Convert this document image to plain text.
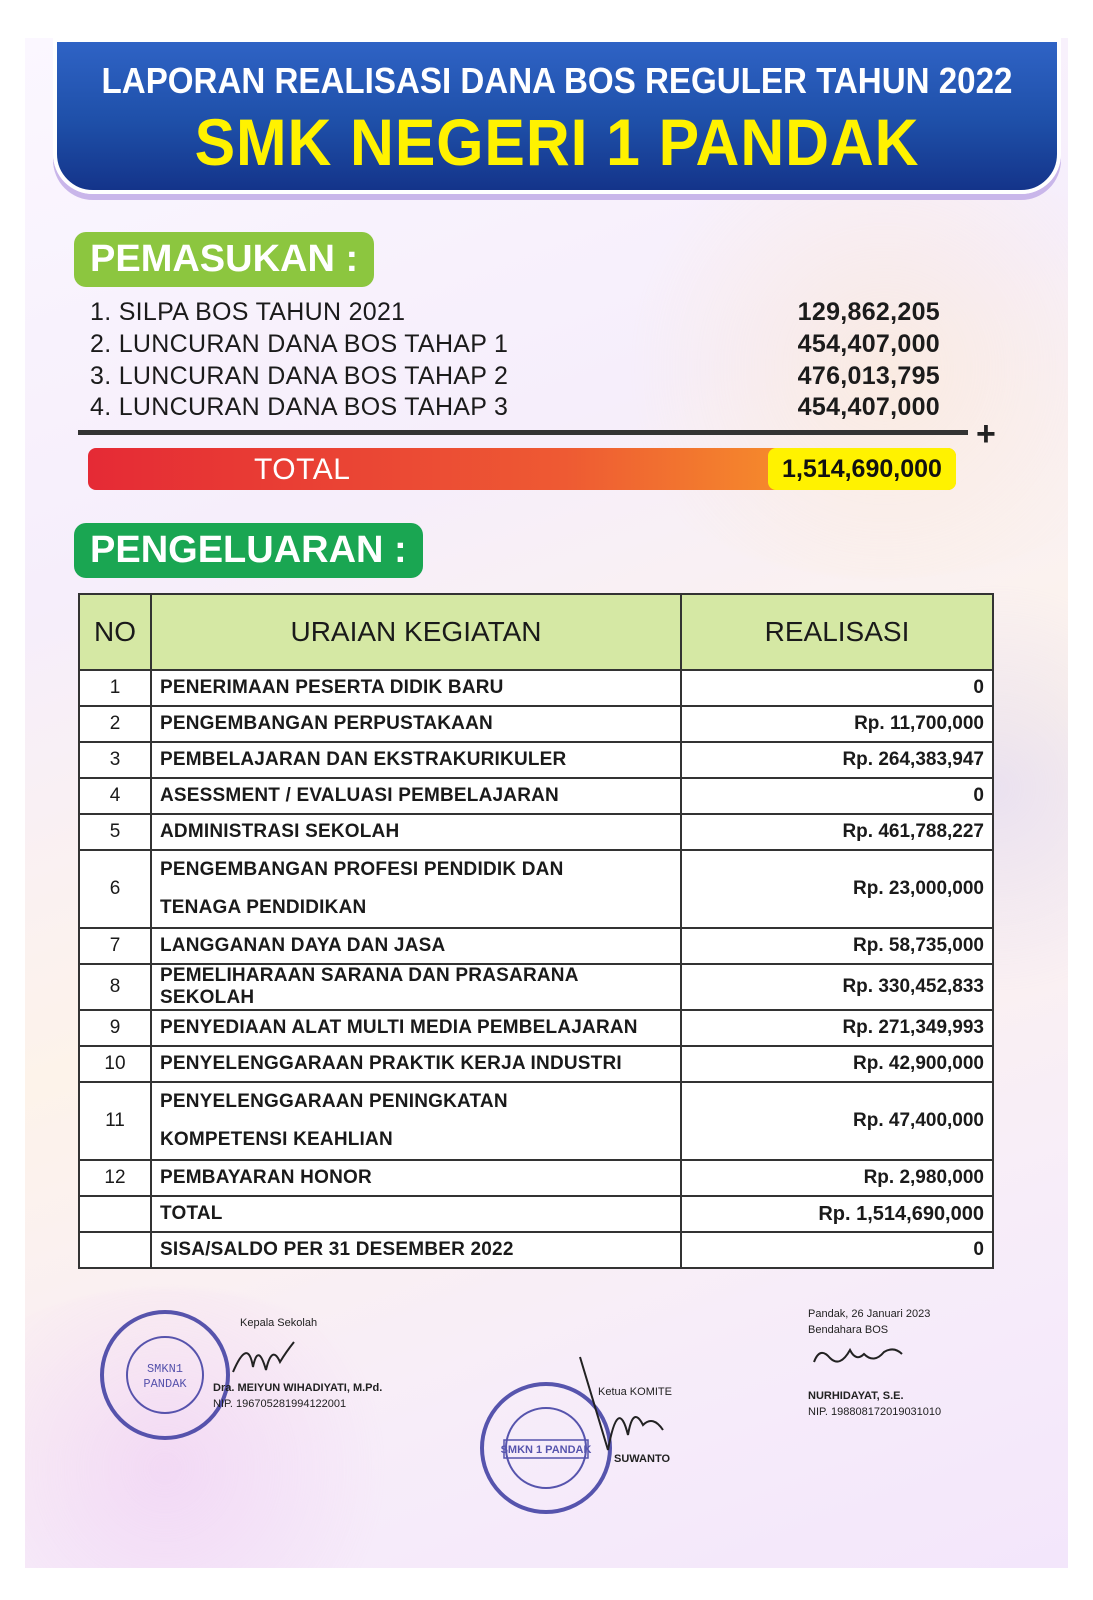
LAPORAN REALISASI DANA BOS REGULER TAHUN 2022
SMK NEGERI 1 PANDAK
PEMASUKAN :
1. SILPA BOS TAHUN 2021	129,862,205
2. LUNCURAN DANA BOS TAHAP 1	454,407,000
3. LUNCURAN DANA BOS TAHAP 2	476,013,795
4. LUNCURAN DANA BOS TAHAP 3	454,407,000
+
TOTAL	1,514,690,000
PENGELUARAN :
NO	URAIAN KEGIATAN	REALISASI
1	PENERIMAAN PESERTA DIDIK BARU	0
2	PENGEMBANGAN PERPUSTAKAAN	Rp. 11,700,000
3	PEMBELAJARAN DAN EKSTRAKURIKULER	Rp. 264,383,947
4	ASESSMENT / EVALUASI PEMBELAJARAN	0
5	ADMINISTRASI SEKOLAH	Rp. 461,788,227
6	PENGEMBANGAN PROFESI PENDIDIK DAN TENAGA PENDIDIKAN	Rp. 23,000,000
7	LANGGANAN DAYA DAN JASA	Rp. 58,735,000
8	PEMELIHARAAN SARANA DAN PRASARANA SEKOLAH	Rp. 330,452,833
9	PENYEDIAAN ALAT MULTI MEDIA PEMBELAJARAN	Rp. 271,349,993
10	PENYELENGGARAAN PRAKTIK KERJA INDUSTRI	Rp. 42,900,000
11	PENYELENGGARAAN PENINGKATAN KOMPETENSI KEAHLIAN	Rp. 47,400,000
12	PEMBAYARAN HONOR	Rp. 2,980,000
	TOTAL	Rp. 1,514,690,000
	SISA/SALDO PER 31 DESEMBER 2022	0
SMKN1
PANDAK
Kepala Sekolah
Dra. MEIYUN WIHADIYATI, M.Pd.
NIP. 196705281994122001
SMKN 1 PANDAK
Ketua KOMITE
SUWANTO
Pandak, 26 Januari 2023
Bendahara BOS
NURHIDAYAT, S.E.
NIP. 198808172019031010
